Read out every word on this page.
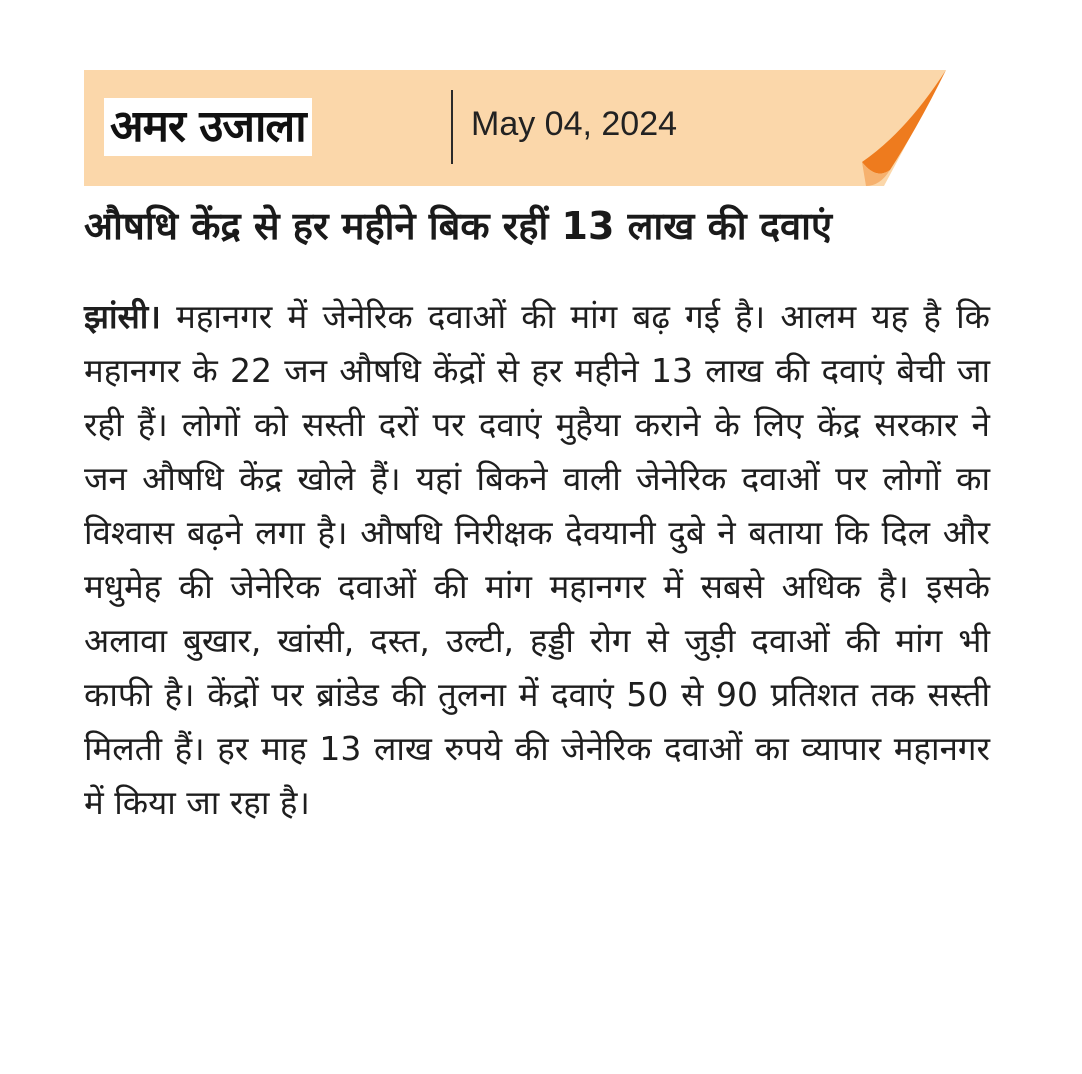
अमर उजाला	May 04, 2024
औषधि केंद्र से हर महीने बिक रहीं 13 लाख की दवाएं
झांसी। महानगर में जेनेरिक दवाओं की मांग बढ़ गई है। आलम यह है कि महानगर के 22 जन औषधि केंद्रों से हर महीने 13 लाख की दवाएं बेची जा रही हैं। लोगों को सस्ती दरों पर दवाएं मुहैया कराने के लिए केंद्र सरकार ने जन औषधि केंद्र खोले हैं। यहां बिकने वाली जेनेरिक दवाओं पर लोगों का विश्वास बढ़ने लगा है। औषधि निरीक्षक देवयानी दुबे ने बताया कि दिल और मधुमेह की जेनेरिक दवाओं की मांग महानगर में सबसे अधिक है। इसके अलावा बुखार, खांसी, दस्त, उल्टी, हड्डी रोग से जुड़ी दवाओं की मांग भी काफी है। केंद्रों पर ब्रांडेड की तुलना में दवाएं 50 से 90 प्रतिशत तक सस्ती मिलती हैं। हर माह 13 लाख रुपये की जेनेरिक दवाओं का व्यापार महानगर में किया जा रहा है।
